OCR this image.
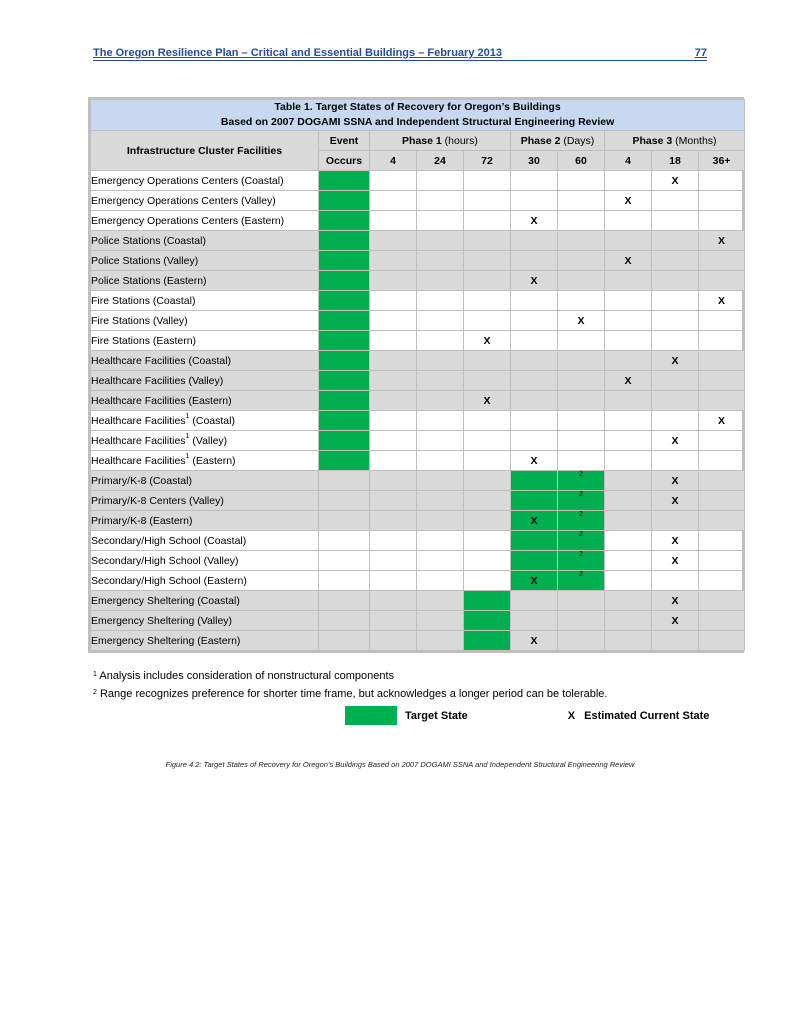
The Oregon Resilience Plan – Critical and Essential Buildings – February 2013	77
Table 1. Target States of Recovery for Oregon’s Buildings
Based on 2007 DOGAMI SSNA and Independent Structural Engineering Review									

Infrastructure Cluster Facilities	Event	Phase 1 (hours)			Phase 2 (Days)		Phase 3 (Months)		
	Occurs	4	24	72	30	60	4	18	36+
Emergency Operations Centers (Coastal)								X	

Emergency Operations Centers (Valley)							X		

Emergency Operations Centers (Eastern)					X				

Police Stations (Coastal)									X

Police Stations (Valley)							X		

Police Stations (Eastern)					X				

Fire Stations (Coastal)									X

Fire Stations (Valley)						X			

Fire Stations (Eastern)				X					

Healthcare Facilities (Coastal)								X	

Healthcare Facilities (Valley)							X		

Healthcare Facilities (Eastern)				X					

Healthcare Facilities$^1$ (Coastal)									X

Healthcare Facilities$^1$ (Valley)								X	

Healthcare Facilities$^1$ (Eastern)					X				

Primary/K-8 (Coastal)						2		X	

Primary/K-8 Centers (Valley)						2		X	

Primary/K-8 (Eastern)					X	2			

Secondary/High School (Coastal)						2		X	

Secondary/High School (Valley)						2		X	

Secondary/High School (Eastern)					X	2			

Emergency Sheltering (Coastal)								X	

Emergency Sheltering (Valley)								X	

Emergency Sheltering (Eastern)					X				

$^1$ Analysis includes consideration of nonstructural components
$^2$ Range recognizes preference for shorter time frame, but acknowledges a longer period can be tolerable.
Target State	X Estimated Current State
Figure 4.2: Target States of Recovery for Oregon’s Buildings Based on 2007 DOGAMI SSNA and Independent Structural Engineering Review
